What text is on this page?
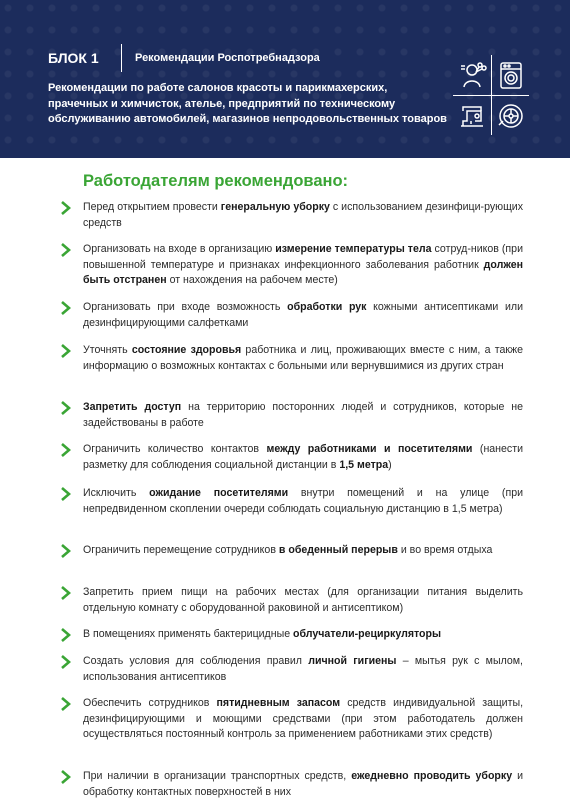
БЛОК 1	Рекомендации Роспотребнадзора
Рекомендации по работе салонов красоты и парикмахерских, прачечных и химчисток, ателье, предприятий по техническому обслуживанию автомобилей, магазинов непродовольственных товаров
Работодателям рекомендовано:
Перед открытием провести генеральную уборку с использованием дезинфици-рующих средств
Организовать на входе в организацию измерение температуры тела сотруд-ников (при повышенной температуре и признаках инфекционного заболевания работник должен быть отстранен от нахождения на рабочем месте)
Организовать при входе возможность обработки рук кожными антисептиками или дезинфицирующими салфетками
Уточнять состояние здоровья работника и лиц, проживающих вместе с ним, а также информацию о возможных контактах с больными или вернувшимися из других стран
Запретить доступ на территорию посторонних людей и сотрудников, которые не задействованы в работе
Ограничить количество контактов между работниками и посетителями (нанести разметку для соблюдения социальной дистанции в 1,5 метра)
Исключить ожидание посетителями внутри помещений и на улице (при непредвиденном скоплении очереди соблюдать социальную дистанцию в 1,5 метра)
Ограничить перемещение сотрудников в обеденный перерыв и во время отдыха
Запретить прием пищи на рабочих местах (для организации питания выделить отдельную комнату с оборудованной раковиной и антисептиком)
В помещениях применять бактерицидные облучатели-рециркуляторы
Создать условия для соблюдения правил личной гигиены – мытья рук с мылом, использования антисептиков
Обеспечить сотрудников пятидневным запасом средств индивидуальной защиты, дезинфицирующими и моющими средствами (при этом работодатель должен осуществляться постоянный контроль за применением работниками этих средств)
При наличии в организации транспортных средств, ежедневно проводить уборку и обработку контактных поверхностей в них
